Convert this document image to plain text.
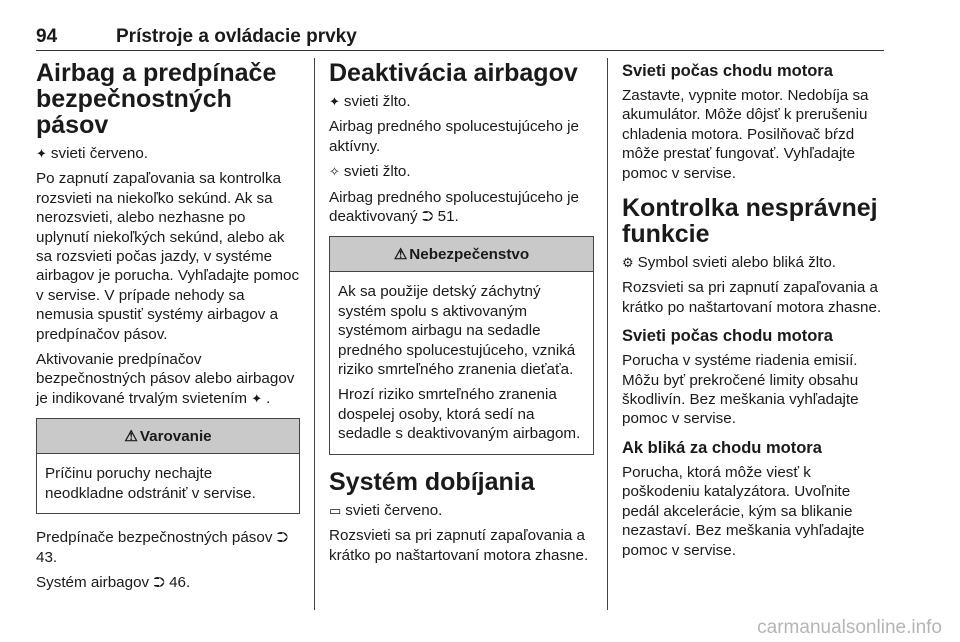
94	Prístroje a ovládacie prvky
Airbag a predpínače bezpečnostných pásov

✦ svieti červeno.

Po zapnutí zapaľovania sa kontrolka rozsvieti na niekoľko sekúnd. Ak sa nerozsvieti, alebo nezhasne po uplynutí niekoľkých sekúnd, alebo ak sa rozsvieti počas jazdy, v systéme airbagov je porucha. Vyhľadajte pomoc v servise. V prípade nehody sa nemusia spustiť systémy airbagov a predpínačov pásov.

Aktivovanie predpínačov bezpečnostných pásov alebo airbagov je indikované trvalým svietením ✦ .

⚠ Varovanie

Príčinu poruchy nechajte neodkladne odstrániť v servise.

Predpínače bezpečnostných pásov ⮊ 43.

Systém airbagov ⮊ 46.

Deaktivácia airbagov

✦ svieti žlto.

Airbag predného spolucestujúceho je aktívny.

✧ svieti žlto.

Airbag predného spolucestujúceho je deaktivovaný ⮊ 51.

⚠ Nebezpečenstvo

Ak sa použije detský záchytný systém spolu s aktivovaným systémom airbagu na sedadle predného spolucestujúceho, vzniká riziko smrteľného zranenia dieťaťa.

Hrozí riziko smrteľného zranenia dospelej osoby, ktorá sedí na sedadle s deaktivovaným airbagom.

Systém dobíjania

▭ svieti červeno.

Rozsvieti sa pri zapnutí zapaľovania a krátko po naštartovaní motora zhasne.

Svieti počas chodu motora

Zastavte, vypnite motor. Nedobíja sa akumulátor. Môže dôjsť k prerušeniu chladenia motora. Posilňovač bŕzd môže prestať fungovať. Vyhľadajte pomoc v servise.

Kontrolka nesprávnej funkcie

⚙ Symbol svieti alebo bliká žlto.

Rozsvieti sa pri zapnutí zapaľovania a krátko po naštartovaní motora zhasne.

Svieti počas chodu motora

Porucha v systéme riadenia emisií. Môžu byť prekročené limity obsahu škodlivín. Bez meškania vyhľadajte pomoc v servise.

Ak bliká za chodu motora

Porucha, ktorá môže viesť k poškodeniu katalyzátora. Uvoľnite pedál akcelerácie, kým sa blikanie nezastaví. Bez meškania vyhľadajte pomoc v servise.

carmanualsonline.info
